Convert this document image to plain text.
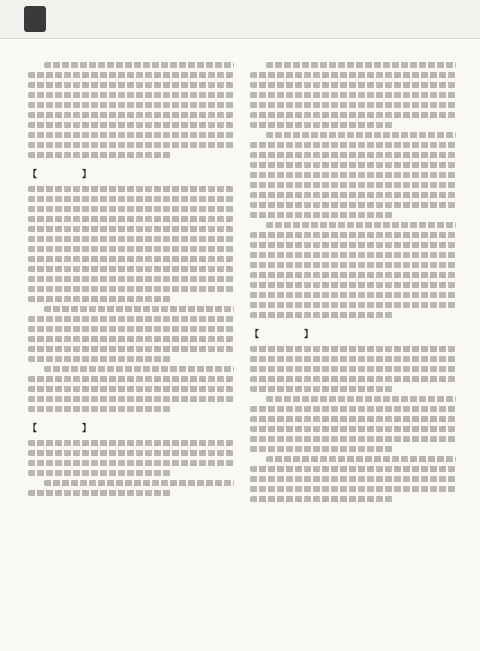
【　　　　　】
【　　　　　】
【　　　　　】
